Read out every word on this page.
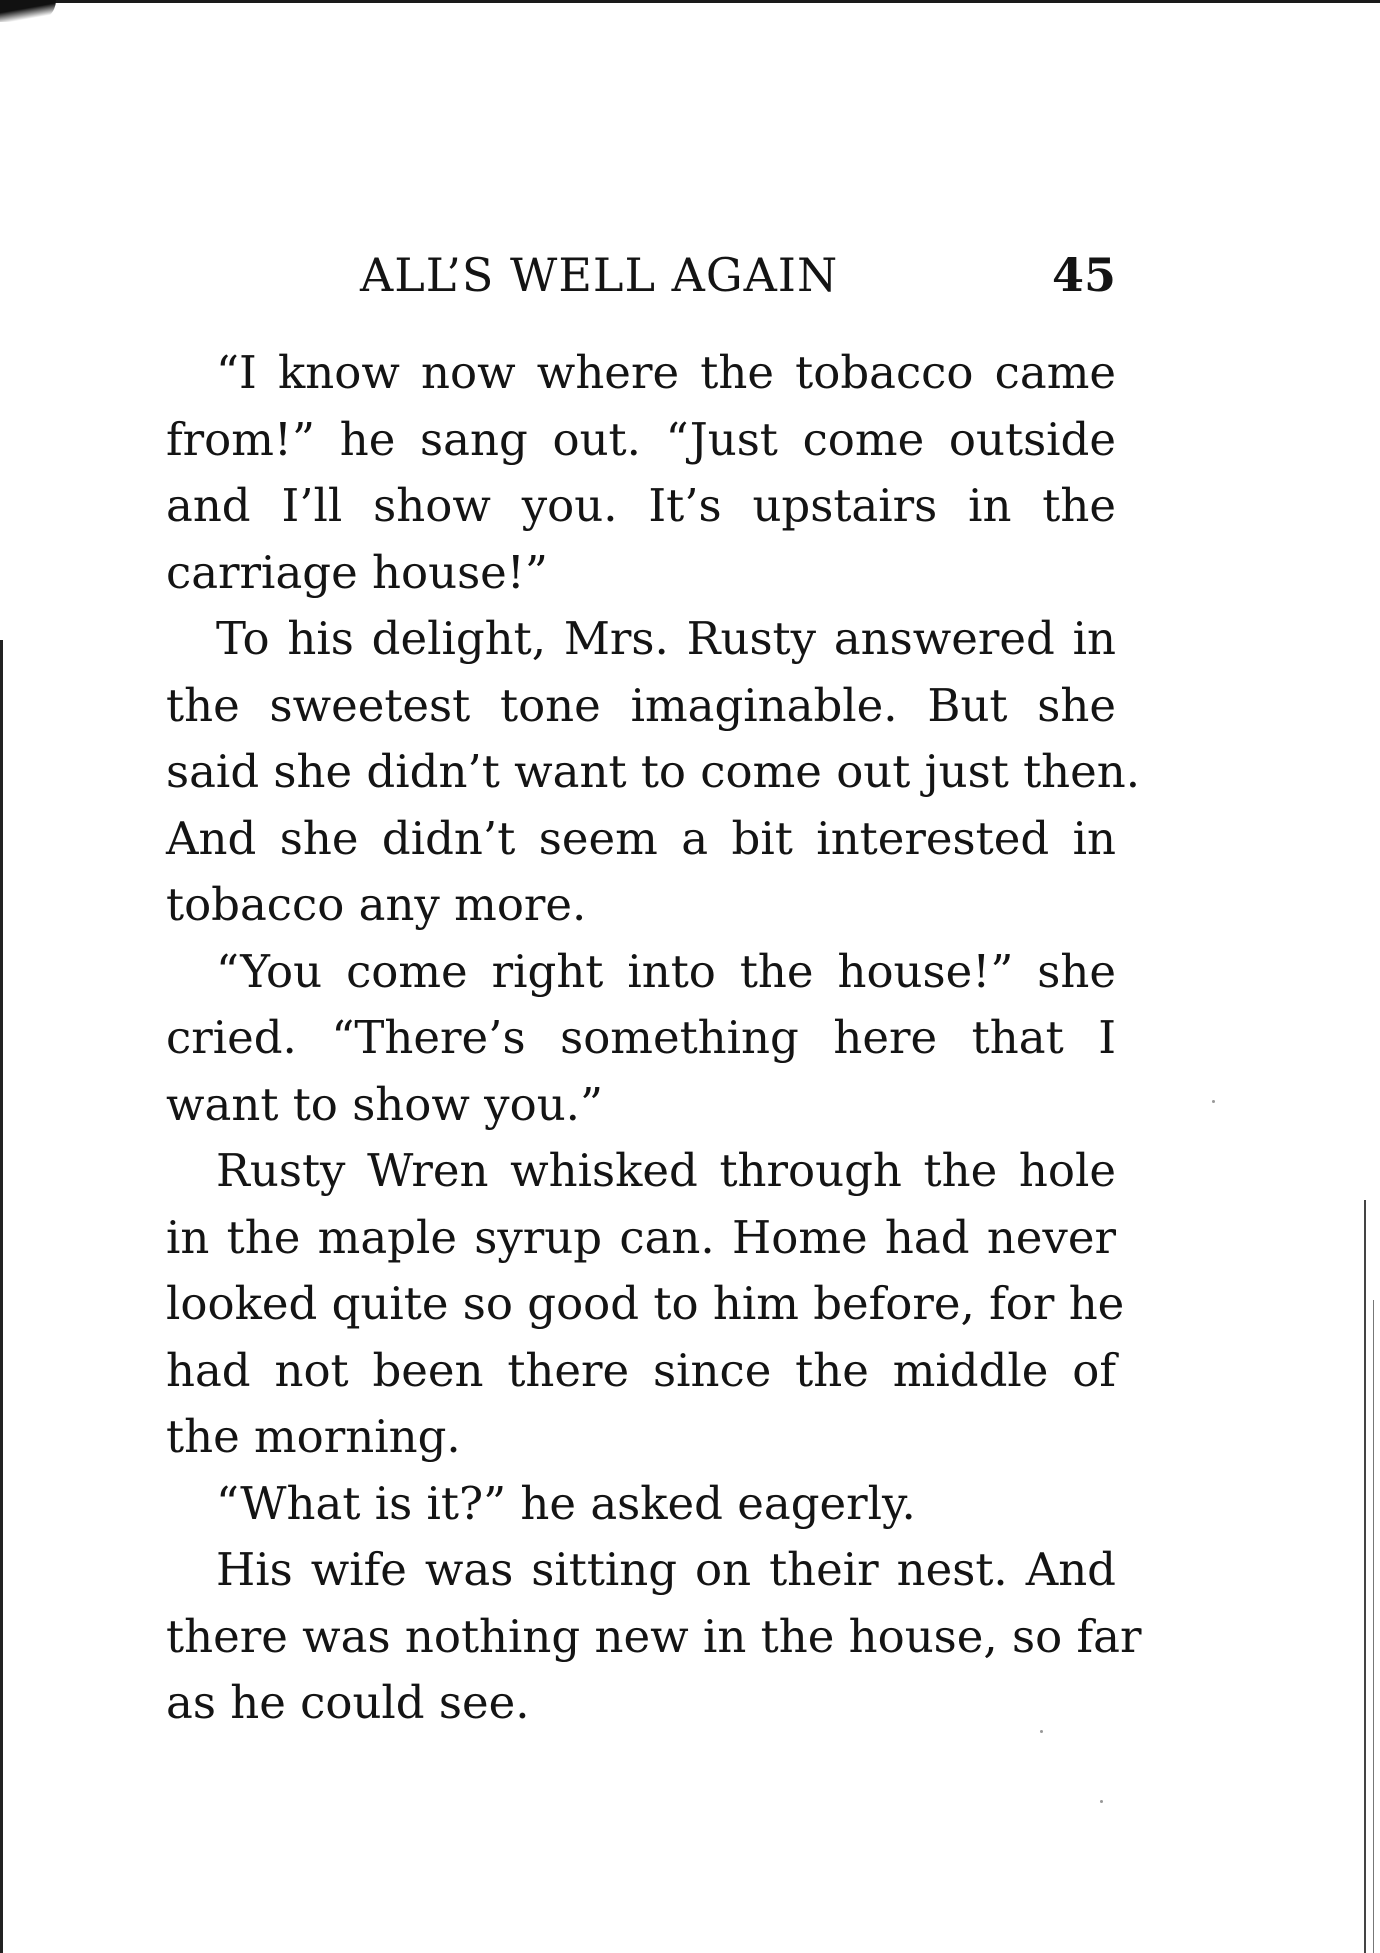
ALL’S WELL AGAIN	45
“I know now where the tobacco came
from!” he sang out. “Just come outside
and I’ll show you. It’s upstairs in the
carriage house!”
To his delight, Mrs. Rusty answered in
the sweetest tone imaginable. But she
said she didn’t want to come out just then.
And she didn’t seem a bit interested in
tobacco any more.
“You come right into the house!” she
cried. “There’s something here that I
want to show you.”
Rusty Wren whisked through the hole
in the maple syrup can. Home had never
looked quite so good to him before, for he
had not been there since the middle of
the morning.
“What is it?” he asked eagerly.
His wife was sitting on their nest. And
there was nothing new in the house, so far
as he could see.
